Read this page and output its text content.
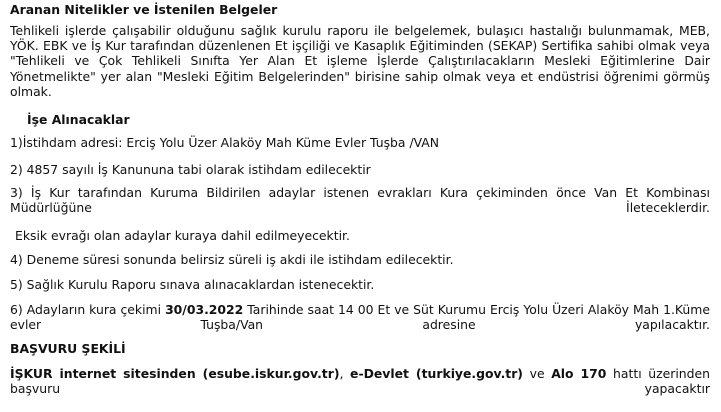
Aranan Nitelikler ve İstenilen Belgeler
Tehlikeli işlerde çalışabilir olduğunu sağlık kurulu raporu ile belgelemek, bulaşıcı hastalığı bulunmamak, MEB, YÖK. EBK ve İş Kur tarafından düzenlenen Et işçiliği ve Kasaplık Eğitiminden (SEKAP) Sertifika sahibi olmak veya "Tehlikeli ve Çok Tehlikeli Sınıfta Yer Alan Et işleme İşlerde Çalıştırılacakların Mesleki Eğitimlerine Dair Yönetmelikte" yer alan "Mesleki Eğitim Belgelerinden" birisine sahip olmak veya et endüstrisi öğrenimi görmüş olmak.
İşe Alınacaklar
1)İstihdam adresi: Erciş Yolu Üzer Alaköy Mah Küme Evler Tuşba /VAN
2) 4857 sayılı İş Kanununa tabi olarak istihdam edilecektir
3) İş Kur tarafından Kuruma Bildirilen adaylar istenen evrakları Kura çekiminden önce Van Et Kombinası Müdürlüğüne İleteceklerdir.
Eksik evrağı olan adaylar kuraya dahil edilmeyecektir.
4) Deneme süresi sonunda belirsiz süreli iş akdi ile istihdam edilecektir.
5) Sağlık Kurulu Raporu sınava alınacaklardan istenecektir.
6) Adayların kura çekimi 30/03.2022 Tarihinde saat 14 00 Et ve Süt Kurumu Erciş Yolu Üzeri Alaköy Mah 1.Küme evler Tuşba/Van adresine yapılacaktır.
BAŞVURU ŞEKİLİ
İŞKUR internet sitesinden (esube.iskur.gov.tr), e-Devlet (turkiye.gov.tr) ve Alo 170 hattı üzerinden başvuru yapacaktır
